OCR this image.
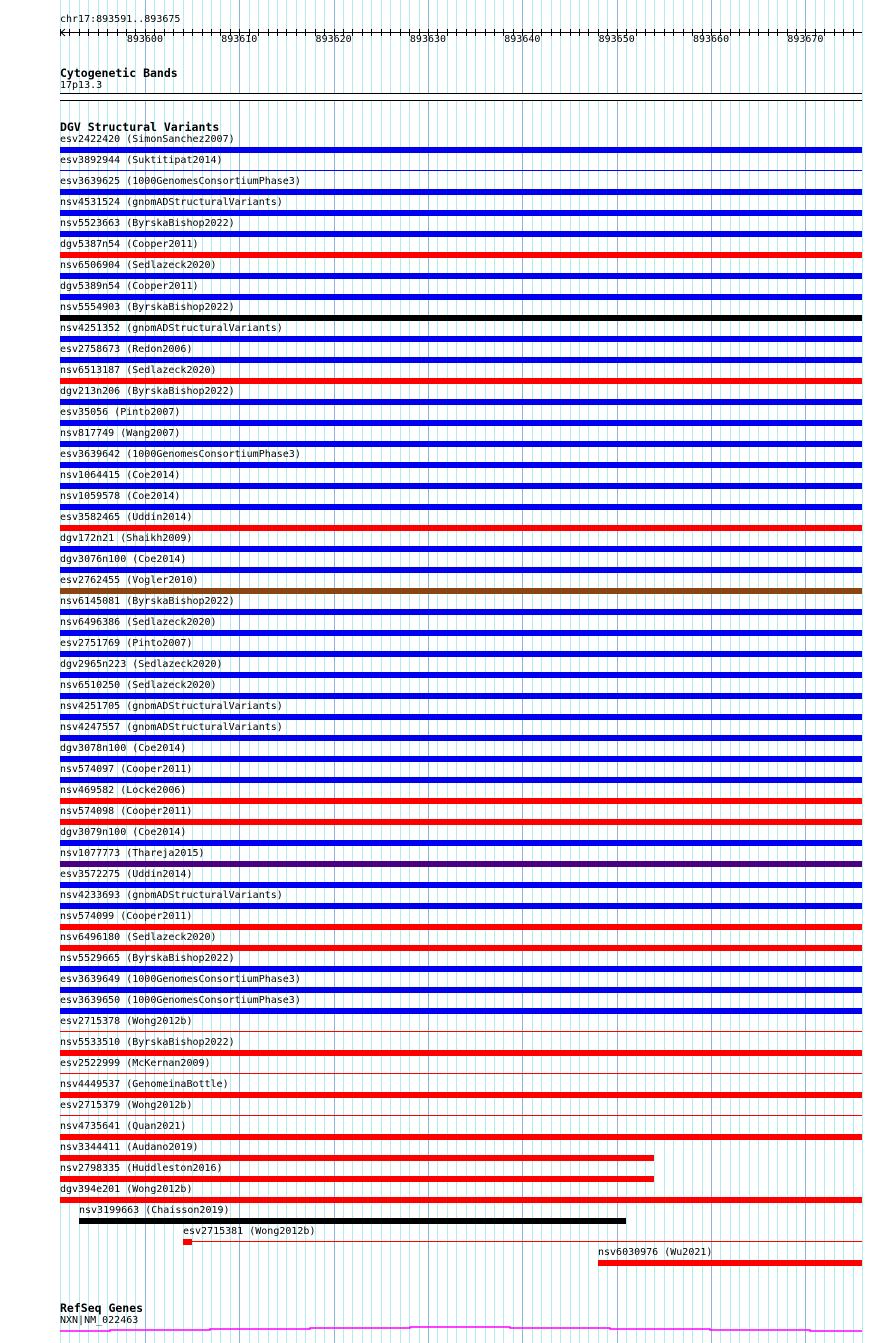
chr17:893591..893675
893600	893610	893620	893630	893640	893650	893660	893670
Cytogenetic Bands
17p13.3
DGV Structural Variants
esv2422420 (SimonSanchez2007)
esv3892944 (Suktitipat2014)
esv3639625 (1000GenomesConsortiumPhase3)
nsv4531524 (gnomADStructuralVariants)
nsv5523663 (ByrskaBishop2022)
dgv5387n54 (Cooper2011)
nsv6506904 (Sedlazeck2020)
dgv5389n54 (Cooper2011)
nsv5554903 (ByrskaBishop2022)
nsv4251352 (gnomADStructuralVariants)
esv2758673 (Redon2006)
nsv6513187 (Sedlazeck2020)
dgv213n206 (ByrskaBishop2022)
esv35056 (Pinto2007)
nsv817749 (Wang2007)
esv3639642 (1000GenomesConsortiumPhase3)
nsv1064415 (Coe2014)
nsv1059578 (Coe2014)
esv3582465 (Uddin2014)
dgv172n21 (Shaikh2009)
dgv3076n100 (Coe2014)
esv2762455 (Vogler2010)
nsv6145081 (ByrskaBishop2022)
nsv6496386 (Sedlazeck2020)
esv2751769 (Pinto2007)
dgv2965n223 (Sedlazeck2020)
nsv6510250 (Sedlazeck2020)
nsv4251705 (gnomADStructuralVariants)
nsv4247557 (gnomADStructuralVariants)
dgv3078n100 (Coe2014)
nsv574097 (Cooper2011)
nsv469582 (Locke2006)
nsv574098 (Cooper2011)
dgv3079n100 (Coe2014)
nsv1077773 (Thareja2015)
esv3572275 (Uddin2014)
nsv4233693 (gnomADStructuralVariants)
nsv574099 (Cooper2011)
nsv6496180 (Sedlazeck2020)
nsv5529665 (ByrskaBishop2022)
esv3639649 (1000GenomesConsortiumPhase3)
esv3639650 (1000GenomesConsortiumPhase3)
esv2715378 (Wong2012b)
nsv5533510 (ByrskaBishop2022)
esv2522999 (McKernan2009)
nsv4449537 (GenomeinaBottle)
esv2715379 (Wong2012b)
nsv4735641 (Quan2021)
nsv3344411 (Audano2019)
nsv2798335 (Huddleston2016)
dgv394e201 (Wong2012b)
nsv3199663 (Chaisson2019)
esv2715381 (Wong2012b)
nsv6030976 (Wu2021)
RefSeq Genes
NXN|NM_022463
